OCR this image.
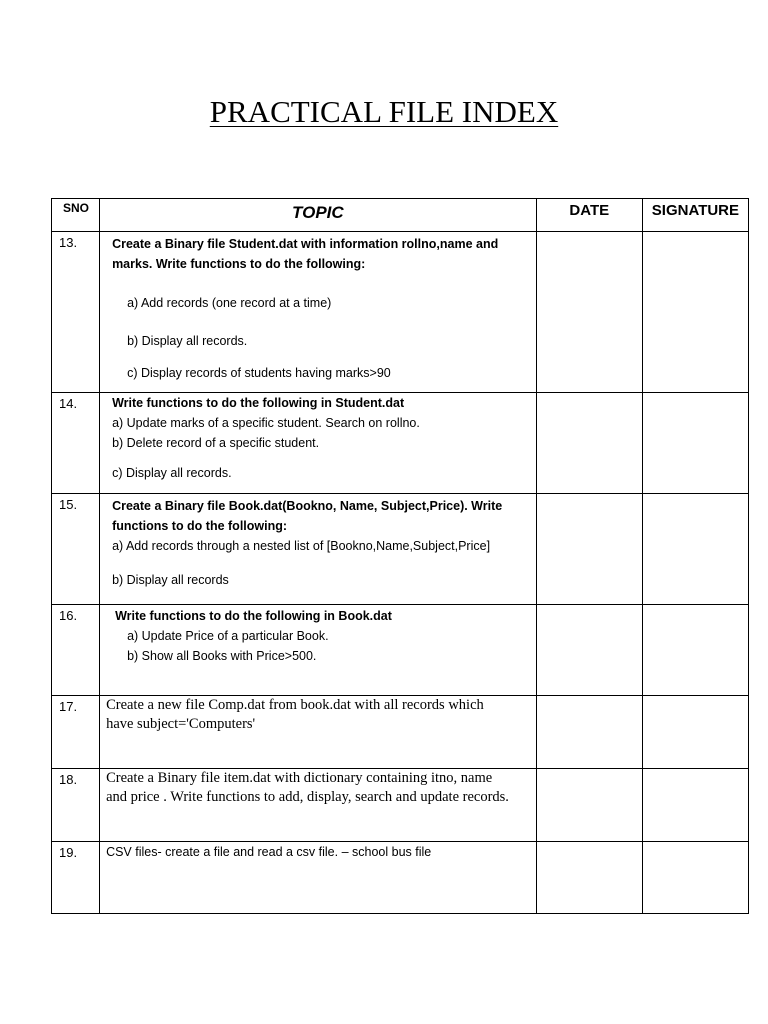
PRACTICAL FILE INDEX
SNO	TOPIC	DATE	SIGNATURE
13.	Create a Binary file Student.dat with information rollno,name and
marks. Write functions to do the following:
a) Add records (one record at a time)
b) Display all records.
c) Display records of students having marks>90		

14.	Write functions to do the following in Student.dat
a) Update marks of a specific student. Search on rollno.
b) Delete record of a specific student.
c) Display all records.		

15.	Create a Binary file Book.dat(Bookno, Name, Subject,Price). Write
functions to do the following:
a) Add records through a nested list of [Bookno,Name,Subject,Price]
b) Display all records		

16.	Write functions to do the following in Book.dat
a) Update Price of a particular Book.
b) Show all Books with Price>500.		

17.	Create a new file Comp.dat from book.dat with all records which
have subject='Computers'		

18.	Create a Binary file item.dat with dictionary containing itno, name
and price . Write functions to add, display, search and update records.		

19.	CSV files- create a file and read a csv file. – school bus file		
